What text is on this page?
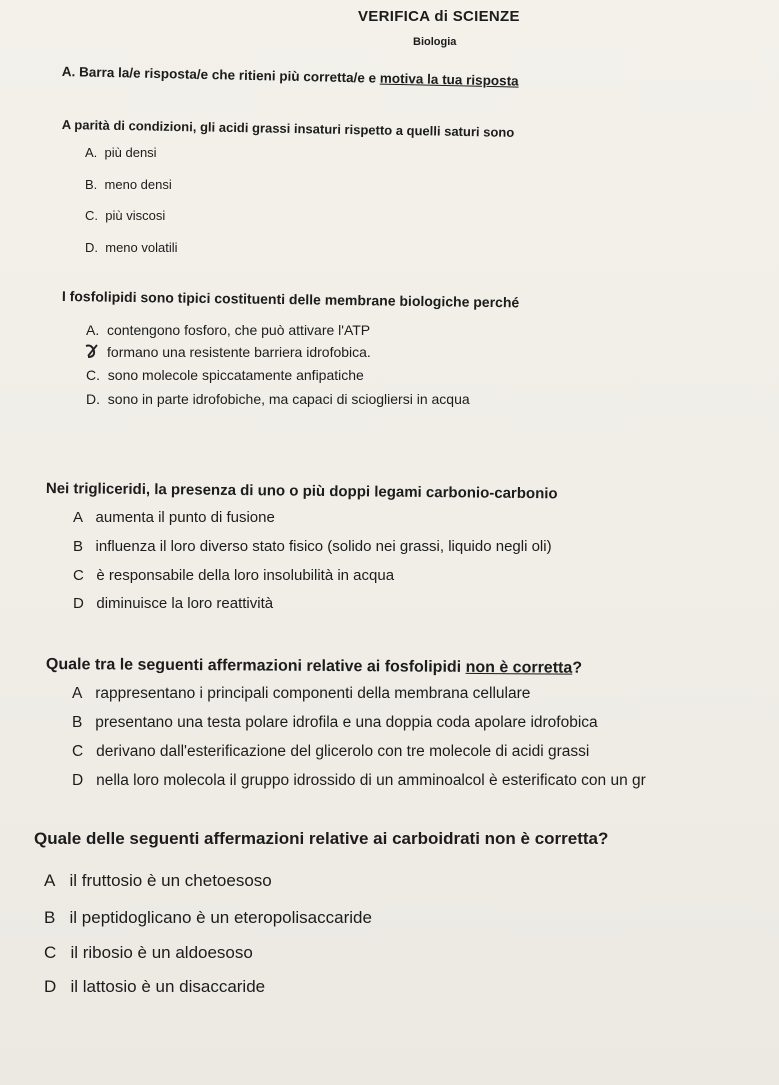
VERIFICA di SCIENZE
Biologia
A. Barra la/e risposta/e che ritieni più corretta/e e motiva la tua risposta
A parità di condizioni, gli acidi grassi insaturi rispetto a quelli saturi sono
A. più densi
B. meno densi
C. più viscosi
D. meno volatili
I fosfolipidi sono tipici costituenti delle membrane biologiche perché
A. contengono fosforo, che può attivare l'ATP
formano una resistente barriera idrofobica.
C. sono molecole spiccatamente anfipatiche
D. sono in parte idrofobiche, ma capaci di sciogliersi in acqua
Nei trigliceridi, la presenza di uno o più doppi legami carbonio-carbonio
A aumenta il punto di fusione
B influenza il loro diverso stato fisico (solido nei grassi, liquido negli oli)
C è responsabile della loro insolubilità in acqua
D diminuisce la loro reattività
Quale tra le seguenti affermazioni relative ai fosfolipidi non è corretta?
A rappresentano i principali componenti della membrana cellulare
B presentano una testa polare idrofila e una doppia coda apolare idrofobica
C derivano dall'esterificazione del glicerolo con tre molecole di acidi grassi
D nella loro molecola il gruppo idrossido di un amminoalcol è esterificato con un gr
Quale delle seguenti affermazioni relative ai carboidrati non è corretta?
A il fruttosio è un chetoesoso
B il peptidoglicano è un eteropolisaccaride
C il ribosio è un aldoesoso
D il lattosio è un disaccaride
